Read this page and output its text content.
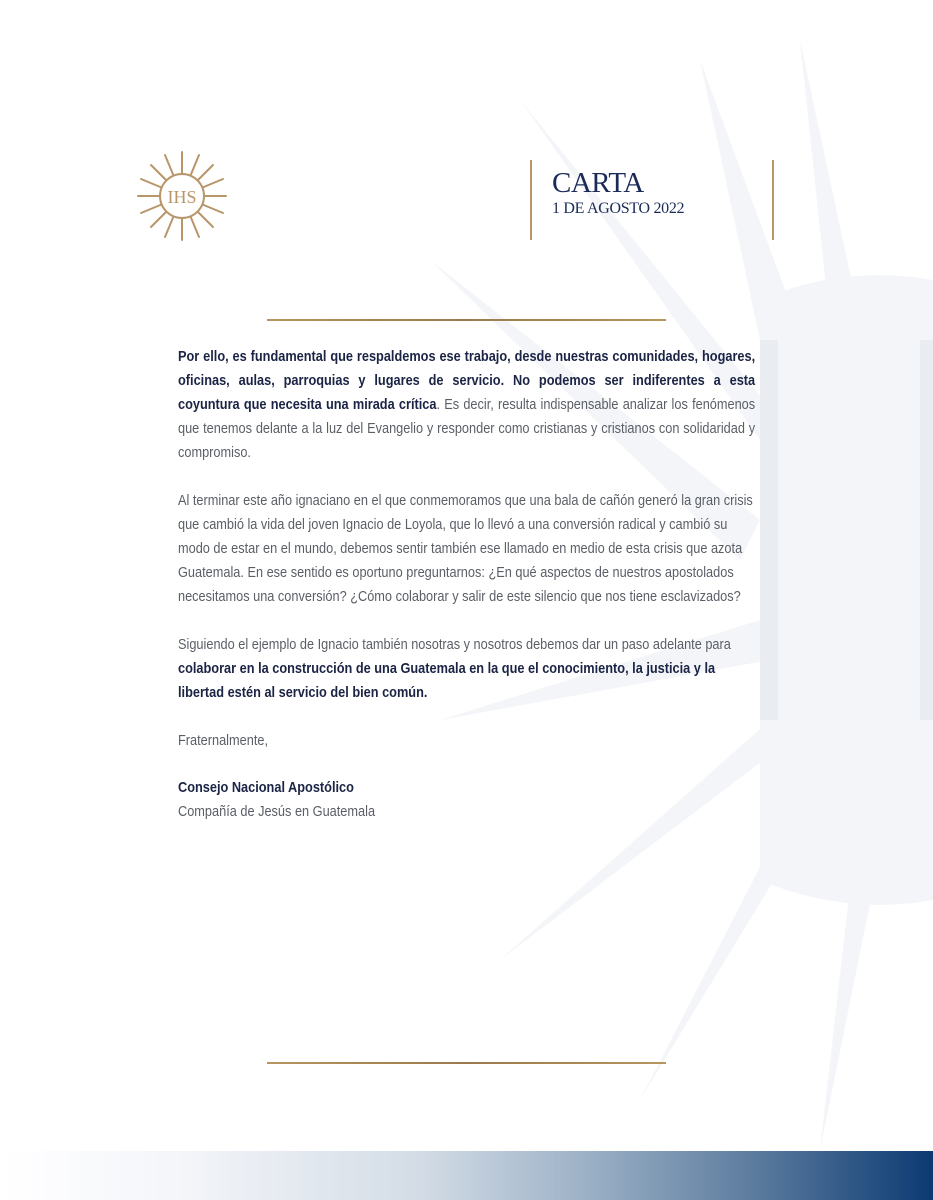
IHS	CARTA
1 DE AGOSTO 2022

Por ello, es fundamental que respaldemos ese trabajo, desde nuestras comunidades, hogares, oficinas, aulas, parroquias y lugares de servicio. No podemos ser indiferentes a esta coyuntura que necesita una mirada crítica. Es decir, resulta indispensable analizar los fenómenos que tenemos delante a la luz del Evangelio y responder como cristianas y cristianos con solidaridad y compromiso.

Al terminar este año ignaciano en el que conmemoramos que una bala de cañón generó la gran crisis que cambió la vida del joven Ignacio de Loyola, que lo llevó a una conversión radical y cambió su modo de estar en el mundo, debemos sentir también ese llamado en medio de esta crisis que azota Guatemala. En ese sentido es oportuno preguntarnos: ¿En qué aspectos de nuestros apostolados necesitamos una conversión? ¿Cómo colaborar y salir de este silencio que nos tiene esclavizados?

Siguiendo el ejemplo de Ignacio también nosotras y nosotros debemos dar un paso adelante para colaborar en la construcción de una Guatemala en la que el conocimiento, la justicia y la libertad estén al servicio del bien común.

Fraternalmente,

Consejo Nacional Apostólico

Compañía de Jesús en Guatemala
